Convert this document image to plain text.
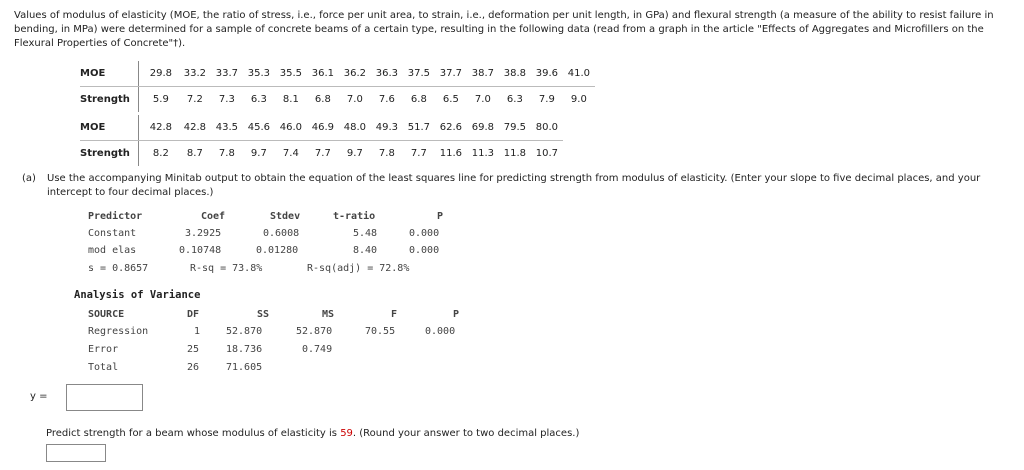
Values of modulus of elasticity (MOE, the ratio of stress, i.e., force per unit area, to strain, i.e., deformation per unit length, in GPa) and flexural strength (a measure of the ability to resist failure in bending, in MPa) were determined for a sample of concrete beams of a certain type, resulting in the following data (read from a graph in the article "Effects of Aggregates and Microfillers on the Flexural Properties of Concrete"†).
MOE	29.8	33.2	33.7	35.3	35.5	36.1	36.2	36.3	37.5	37.7	38.7	38.8	39.6	41.0
Strength	5.9	7.2	7.3	6.3	8.1	6.8	7.0	7.6	6.8	6.5	7.0	6.3	7.9	9.0
MOE	42.8	42.8	43.5	45.6	46.0	46.9	48.0	49.3	51.7	62.6	69.8	79.5	80.0
Strength	8.2	8.7	7.8	9.7	7.4	7.7	9.7	7.8	7.7	11.6	11.3	11.8	10.7
(a) Use the accompanying Minitab output to obtain the equation of the least squares line for predicting strength from modulus of elasticity. (Enter your slope to five decimal places, and your intercept to four decimal places.)
Predictor	Coef	Stdev	t-ratio	P
Constant	3.2925	0.6008	5.48	0.000
mod elas	0.10748	0.01280	8.40	0.000
s = 0.8657	R-sq = 73.8%	R-sq(adj) = 72.8%
Analysis of Variance
SOURCE	DF	SS	MS	F	P
Regression	1	52.870	52.870	70.55	0.000
Error	25	18.736	0.749
Total	26	71.605
y =
Predict strength for a beam whose modulus of elasticity is 59. (Round your answer to two decimal places.)
